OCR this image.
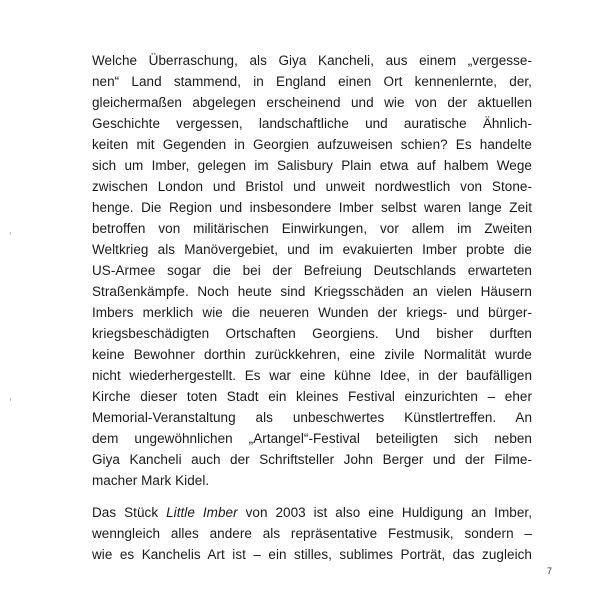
Welche Überraschung, als Giya Kancheli, aus einem „vergesse-
nen“ Land stammend, in England einen Ort kennenlernte, der,
gleichermaßen abgelegen erscheinend und wie von der aktuellen
Geschichte vergessen, landschaftliche und auratische Ähnlich-
keiten mit Gegenden in Georgien aufzuweisen schien? Es handelte
sich um Imber, gelegen im Salisbury Plain etwa auf halbem Wege
zwischen London und Bristol und unweit nordwestlich von Stone-
henge. Die Region und insbesondere Imber selbst waren lange Zeit
betroffen von militärischen Einwirkungen, vor allem im Zweiten
Weltkrieg als Manövergebiet, und im evakuierten Imber probte die
US-Armee sogar die bei der Befreiung Deutschlands erwarteten
Straßenkämpfe. Noch heute sind Kriegsschäden an vielen Häusern
Imbers merklich wie die neueren Wunden der kriegs- und bürger-
kriegsbeschädigten Ortschaften Georgiens. Und bisher durften
keine Bewohner dorthin zurückkehren, eine zivile Normalität wurde
nicht wiederhergestellt. Es war eine kühne Idee, in der baufälligen
Kirche dieser toten Stadt ein kleines Festival einzurichten – eher
Memorial-Veranstaltung als unbeschwertes Künstlertreffen. An
dem ungewöhnlichen „Artangel“-Festival beteiligten sich neben
Giya Kancheli auch der Schriftsteller John Berger und der Filme-
macher Mark Kidel.
Das Stück Little Imber von 2003 ist also eine Huldigung an Imber,
wenngleich alles andere als repräsentative Festmusik, sondern –
wie es Kanchelis Art ist – ein stilles, sublimes Porträt, das zugleich
7
